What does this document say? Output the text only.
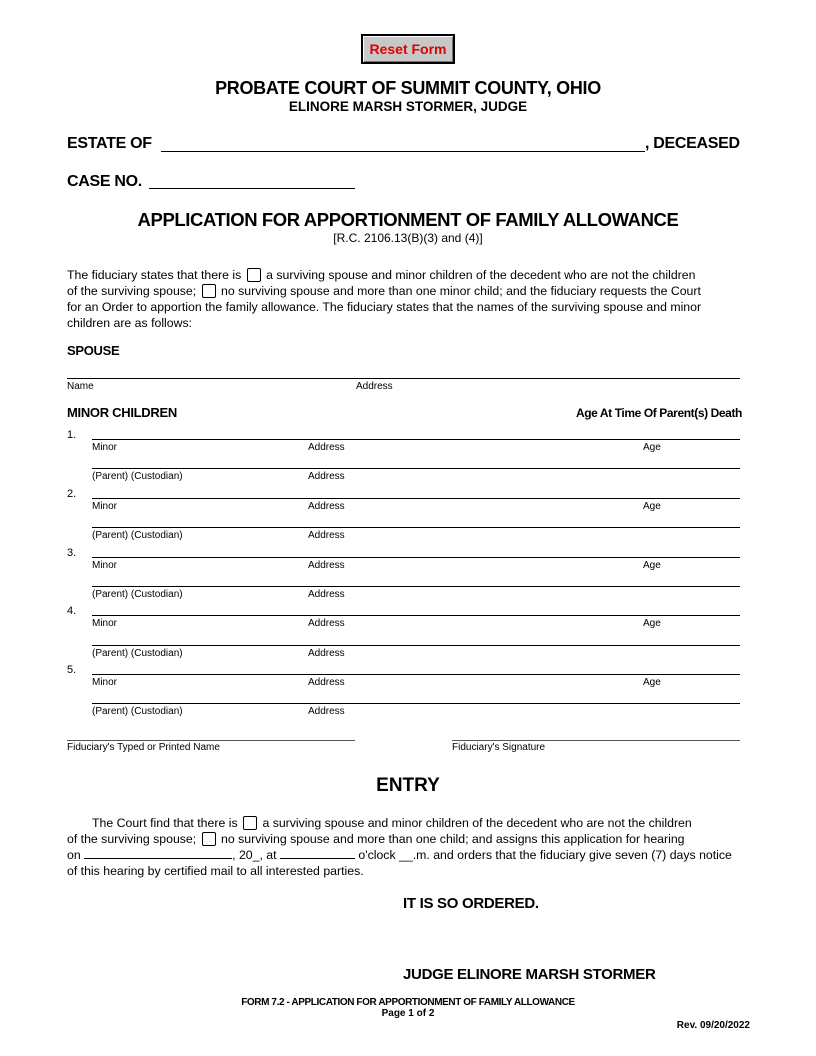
Reset Form
PROBATE COURT OF SUMMIT COUNTY, OHIO
ELINORE MARSH STORMER, JUDGE
ESTATE OF	, DECEASED
CASE NO.
APPLICATION FOR APPORTIONMENT OF FAMILY ALLOWANCE
[R.C. 2106.13(B)(3) and (4)]
The fiduciary states that there is a surviving spouse and minor children of the decedent who are not the children
of the surviving spouse; no surviving spouse and more than one minor child; and the fiduciary requests the Court
for an Order to apportion the family allowance. The fiduciary states that the names of the surviving spouse and minor
children are as follows:
SPOUSE
Name	Address
MINOR CHILDREN	Age At Time Of Parent(s) Death
1.
Minor	Address	Age
(Parent) (Custodian)	Address
2.
Minor	Address	Age
(Parent) (Custodian)	Address
3.
Minor	Address	Age
(Parent) (Custodian)	Address
4.
Minor	Address	Age
(Parent) (Custodian)	Address
5.
Minor	Address	Age
(Parent) (Custodian)	Address
Fiduciary's Typed or Printed Name	Fiduciary's Signature
ENTRY
The Court find that there is a surviving spouse and minor children of the decedent who are not the children
of the surviving spouse; no surviving spouse and more than one child; and assigns this application for hearing
on	, 20_, at	o'clock __.m. and orders that the fiduciary give seven (7) days notice
of this hearing by certified mail to all interested parties.
IT IS SO ORDERED.
JUDGE ELINORE MARSH STORMER
FORM 7.2 - APPLICATION FOR APPORTIONMENT OF FAMILY ALLOWANCE
Page 1 of 2
Rev. 09/20/2022
